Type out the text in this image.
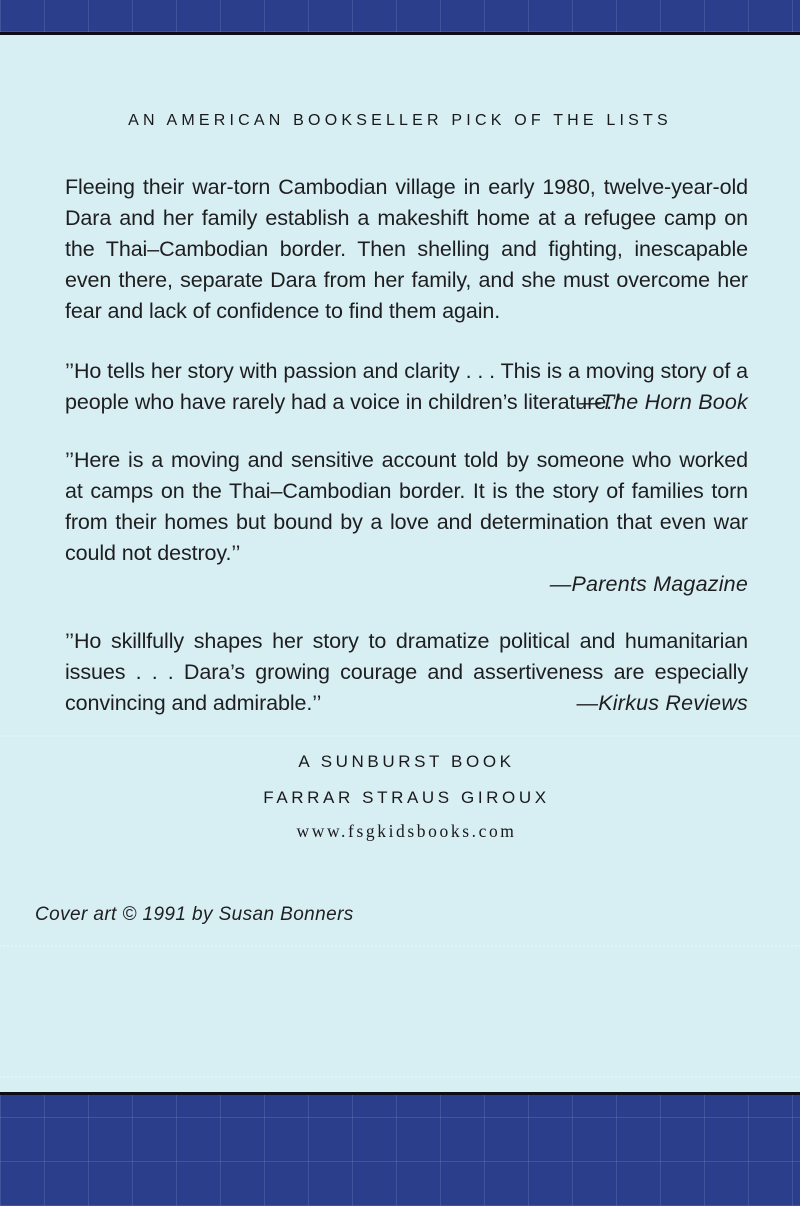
AN AMERICAN BOOKSELLER PICK OF THE LISTS

Fleeing their war-torn Cambodian village in early 1980, twelve-year-old Dara and her family establish a makeshift home at a refugee camp on the Thai–Cambodian border. Then shelling and fighting, inescapable even there, separate Dara from her family, and she must overcome her fear and lack of confidence to find them again.

’’Ho tells her story with passion and clarity . . . This is a moving story of a people who have rarely had a voice in children’s literature.’’

—The Horn Book

’’Here is a moving and sensitive account told by someone who worked at camps on the Thai–Cambodian border. It is the story of families torn from their homes but bound by a love and determination that even war could not destroy.’’

—Parents Magazine

’’Ho skillfully shapes her story to dramatize political and humanitarian issues . . . Dara’s growing courage and assertiveness are especially convincing and admirable.’’	—Kirkus Reviews

A SUNBURST BOOK
FARRAR STRAUS GIROUX
www.fsgkidsbooks.com
Cover art © 1991 by Susan Bonners
